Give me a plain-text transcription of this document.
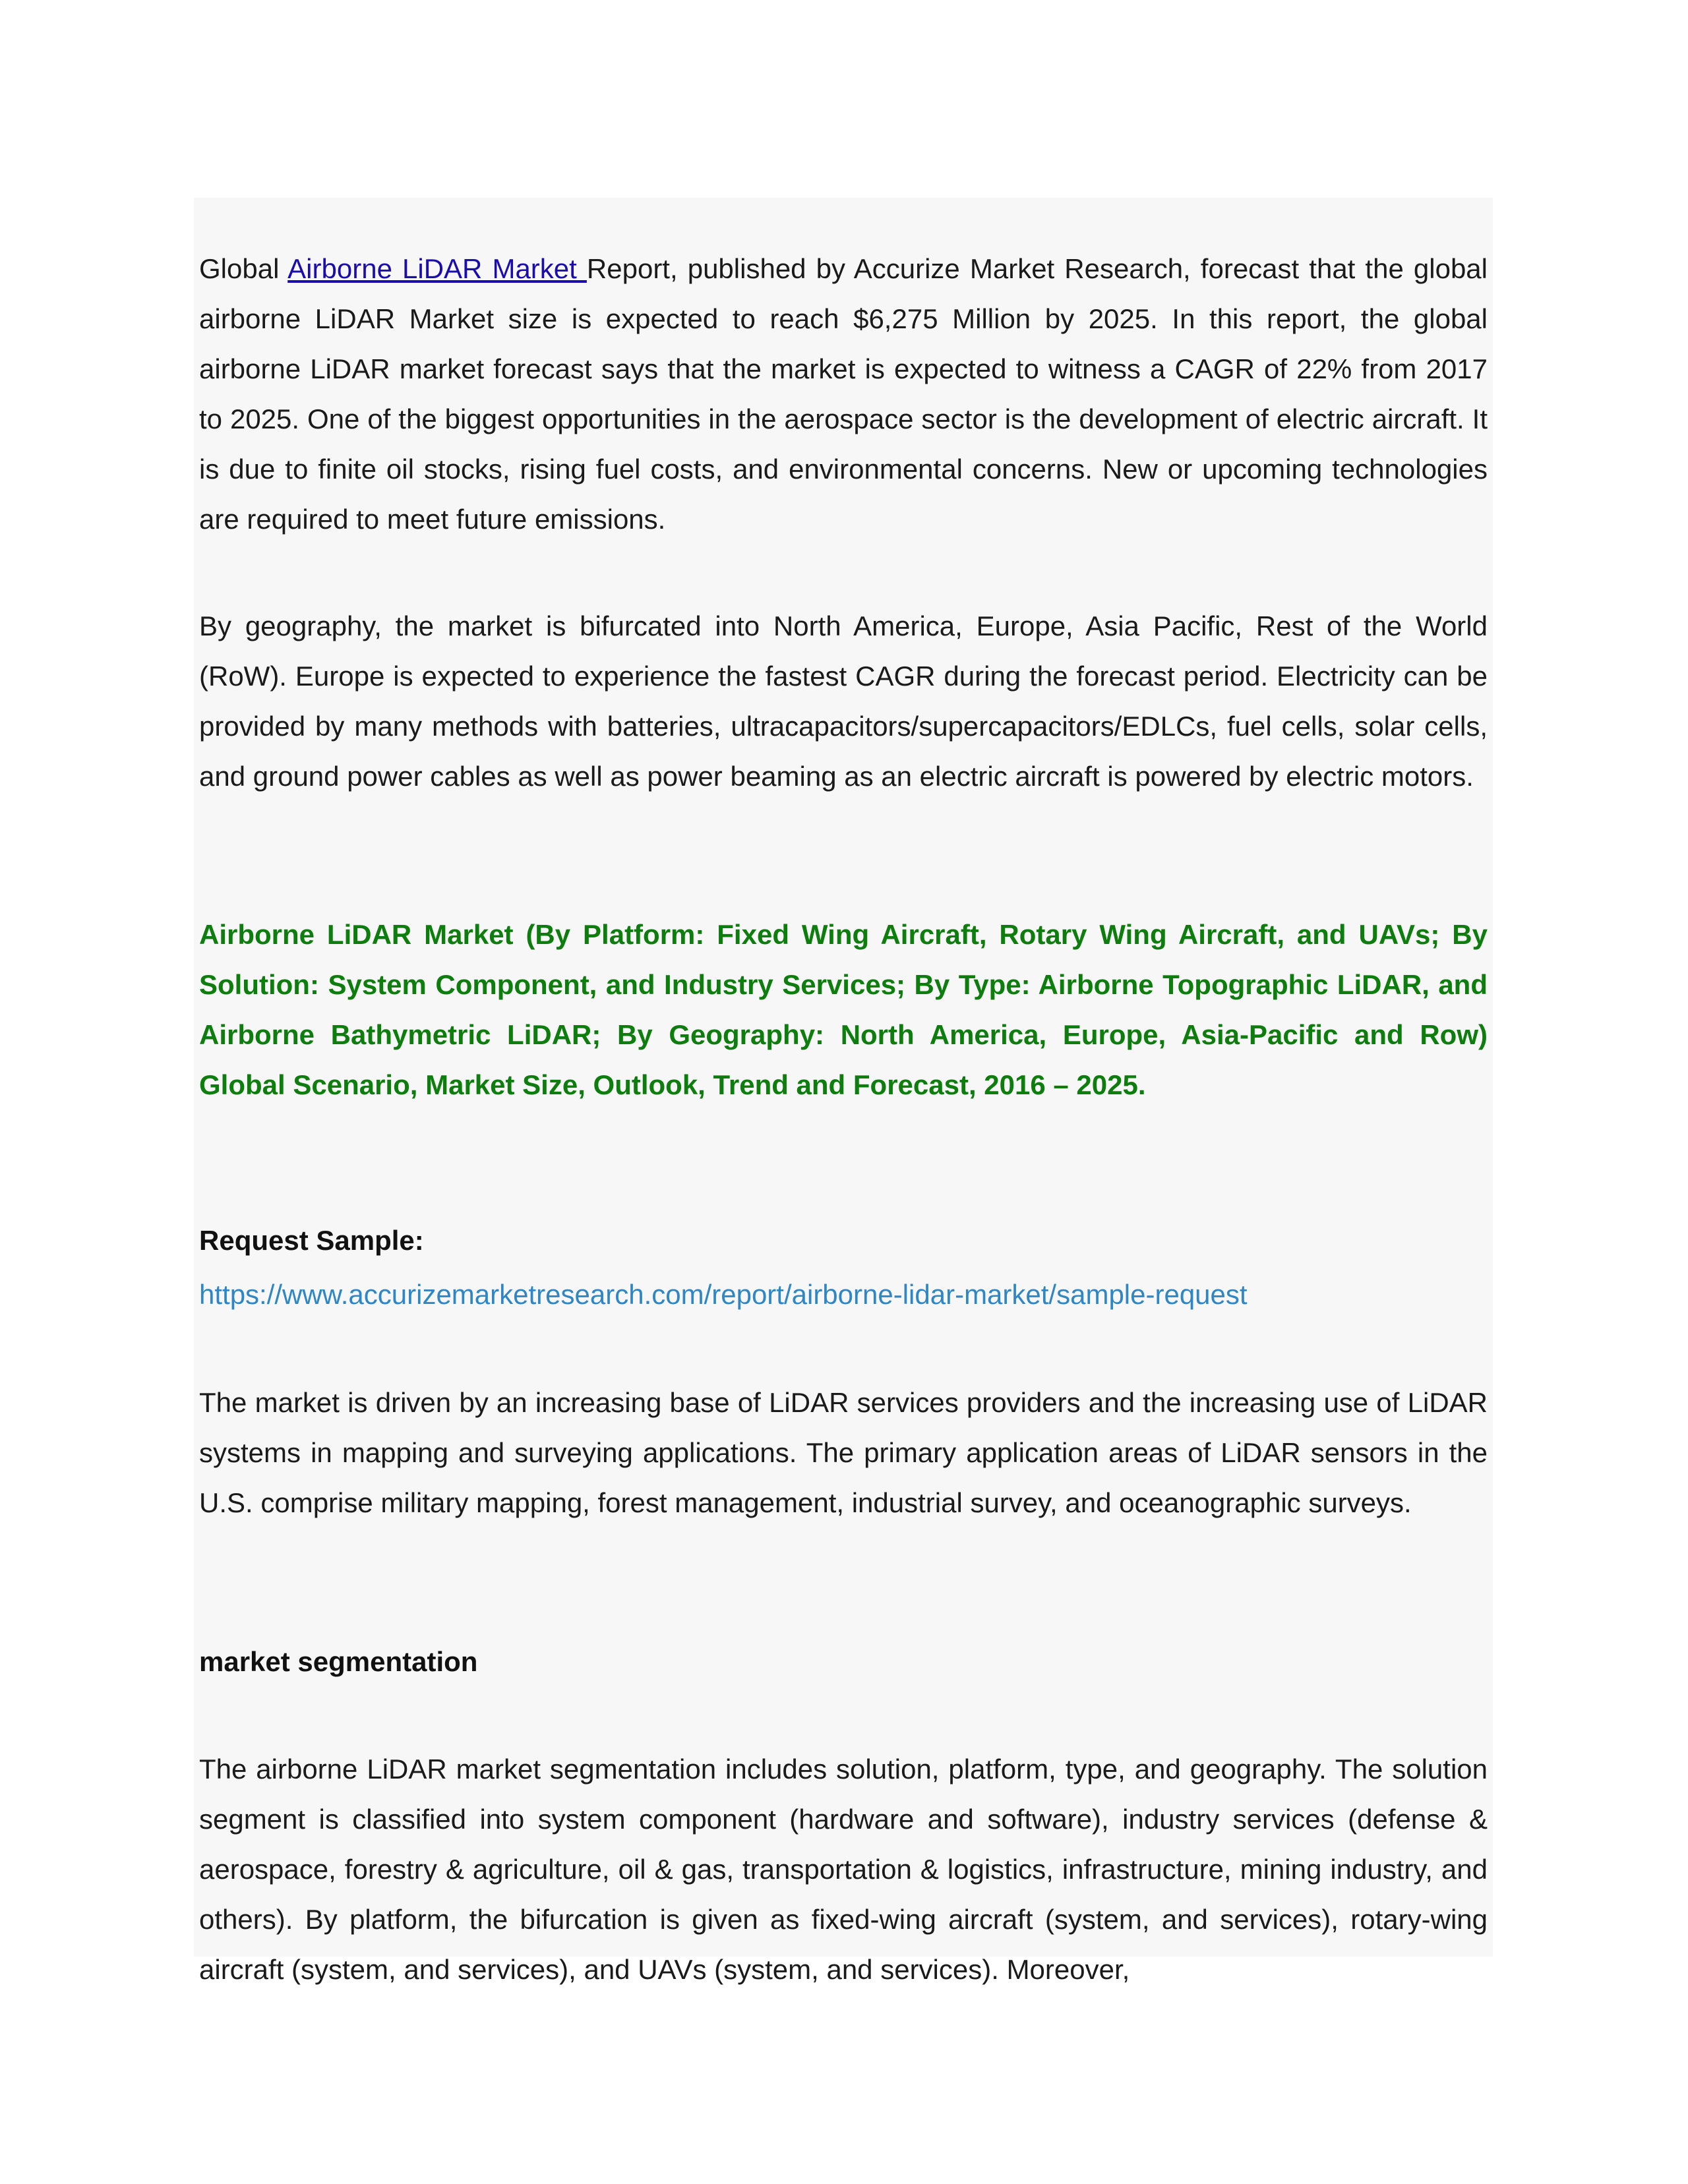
Global Airborne LiDAR Market Report, published by Accurize Market Research, forecast that the global airborne LiDAR Market size is expected to reach $6,275 Million by 2025. In this report, the global airborne LiDAR market forecast says that the market is expected to witness a CAGR of 22% from 2017 to 2025. One of the biggest opportunities in the aerospace sector is the development of electric aircraft. It is due to finite oil stocks, rising fuel costs, and environmental concerns. New or upcoming technologies are required to meet future emissions.

By geography, the market is bifurcated into North America, Europe, Asia Pacific, Rest of the World (RoW). Europe is expected to experience the fastest CAGR during the forecast period. Electricity can be provided by many methods with batteries, ultracapacitors/supercapacitors/EDLCs, fuel cells, solar cells, and ground power cables as well as power beaming as an electric aircraft is powered by electric motors.

Airborne LiDAR Market (By Platform: Fixed Wing Aircraft, Rotary Wing Aircraft, and UAVs; By Solution: System Component, and Industry Services; By Type: Airborne Topographic LiDAR, and Airborne Bathymetric LiDAR; By Geography: North America, Europe, Asia-Pacific and Row) Global Scenario, Market Size, Outlook, Trend and Forecast, 2016 – 2025.

Request Sample:

https://www.accurizemarketresearch.com/report/airborne-lidar-market/sample-request

The market is driven by an increasing base of LiDAR services providers and the increasing use of LiDAR systems in mapping and surveying applications. The primary application areas of LiDAR sensors in the U.S. comprise military mapping, forest management, industrial survey, and oceanographic surveys.

market segmentation

The airborne LiDAR market segmentation includes solution, platform, type, and geography. The solution segment is classified into system component (hardware and software), industry services (defense & aerospace, forestry & agriculture, oil & gas, transportation & logistics, infrastructure, mining industry, and others). By platform, the bifurcation is given as fixed-wing aircraft (system, and services), rotary-wing aircraft (system, and services), and UAVs (system, and services). Moreover,
